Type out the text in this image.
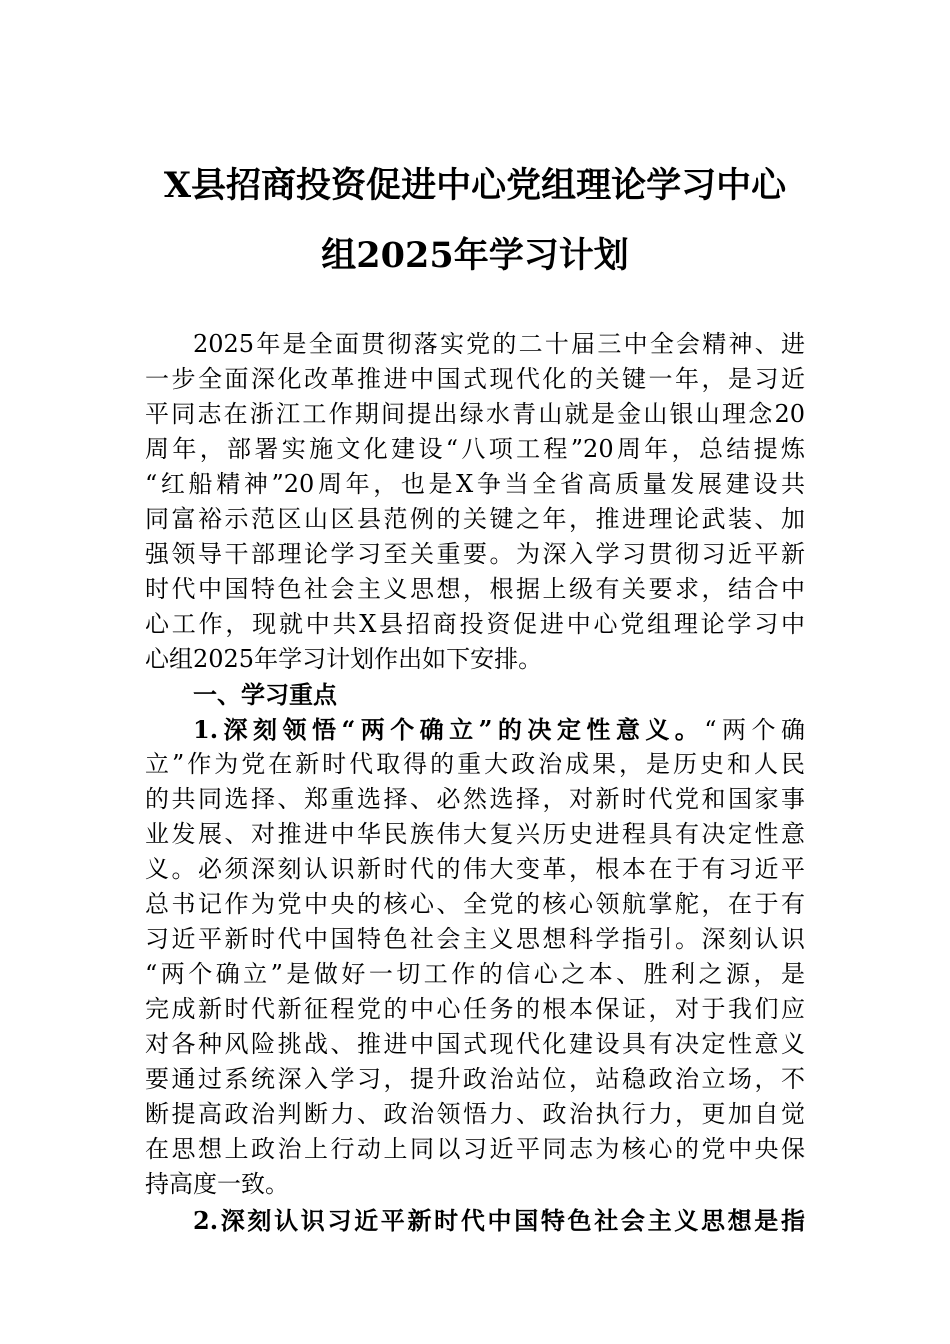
X县招商投资促进中心党组理论学习中心
组2025年学习计划
2025年是全面贯彻落实党的二十届三中全会精神、进
一步全面深化改革推进中国式现代化的关键一年，是习近
平同志在浙江工作期间提出绿水青山就是金山银山理念20
周年，部署实施文化建设“八项工程”20周年，总结提炼
“红船精神”20周年，也是X争当全省高质量发展建设共
同富裕示范区山区县范例的关键之年，推进理论武装、加
强领导干部理论学习至关重要。为深入学习贯彻习近平新
时代中国特色社会主义思想，根据上级有关要求，结合中
心工作，现就中共X县招商投资促进中心党组理论学习中
心组2025年学习计划作出如下安排。
一、学习重点
1.深刻领悟“两个确立”的决定性意义。“两个确
立”作为党在新时代取得的重大政治成果，是历史和人民
的共同选择、郑重选择、必然选择，对新时代党和国家事
业发展、对推进中华民族伟大复兴历史进程具有决定性意
义。必须深刻认识新时代的伟大变革，根本在于有习近平
总书记作为党中央的核心、全党的核心领航掌舵，在于有
习近平新时代中国特色社会主义思想科学指引。深刻认识
“两个确立”是做好一切工作的信心之本、胜利之源，是
完成新时代新征程党的中心任务的根本保证，对于我们应
对各种风险挑战、推进中国式现代化建设具有决定性意义
要通过系统深入学习，提升政治站位，站稳政治立场，不
断提高政治判断力、政治领悟力、政治执行力，更加自觉
在思想上政治上行动上同以习近平同志为核心的党中央保
持高度一致。
2.深刻认识习近平新时代中国特色社会主义思想是指
